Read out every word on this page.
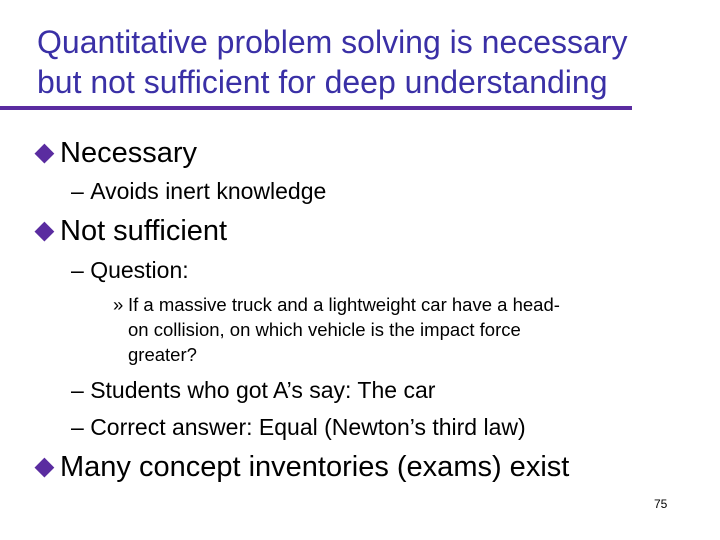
Quantitative problem solving is necessary
but not sufficient for deep understanding
Necessary
–
Avoids inert knowledge
Not sufficient
–
Question:
» If a massive truck and a lightweight car have a head-
on collision, on which vehicle is the impact force
greater?
–
Students who got A’s say: The car
–
Correct answer: Equal (Newton’s third law)
Many concept inventories (exams) exist
75
